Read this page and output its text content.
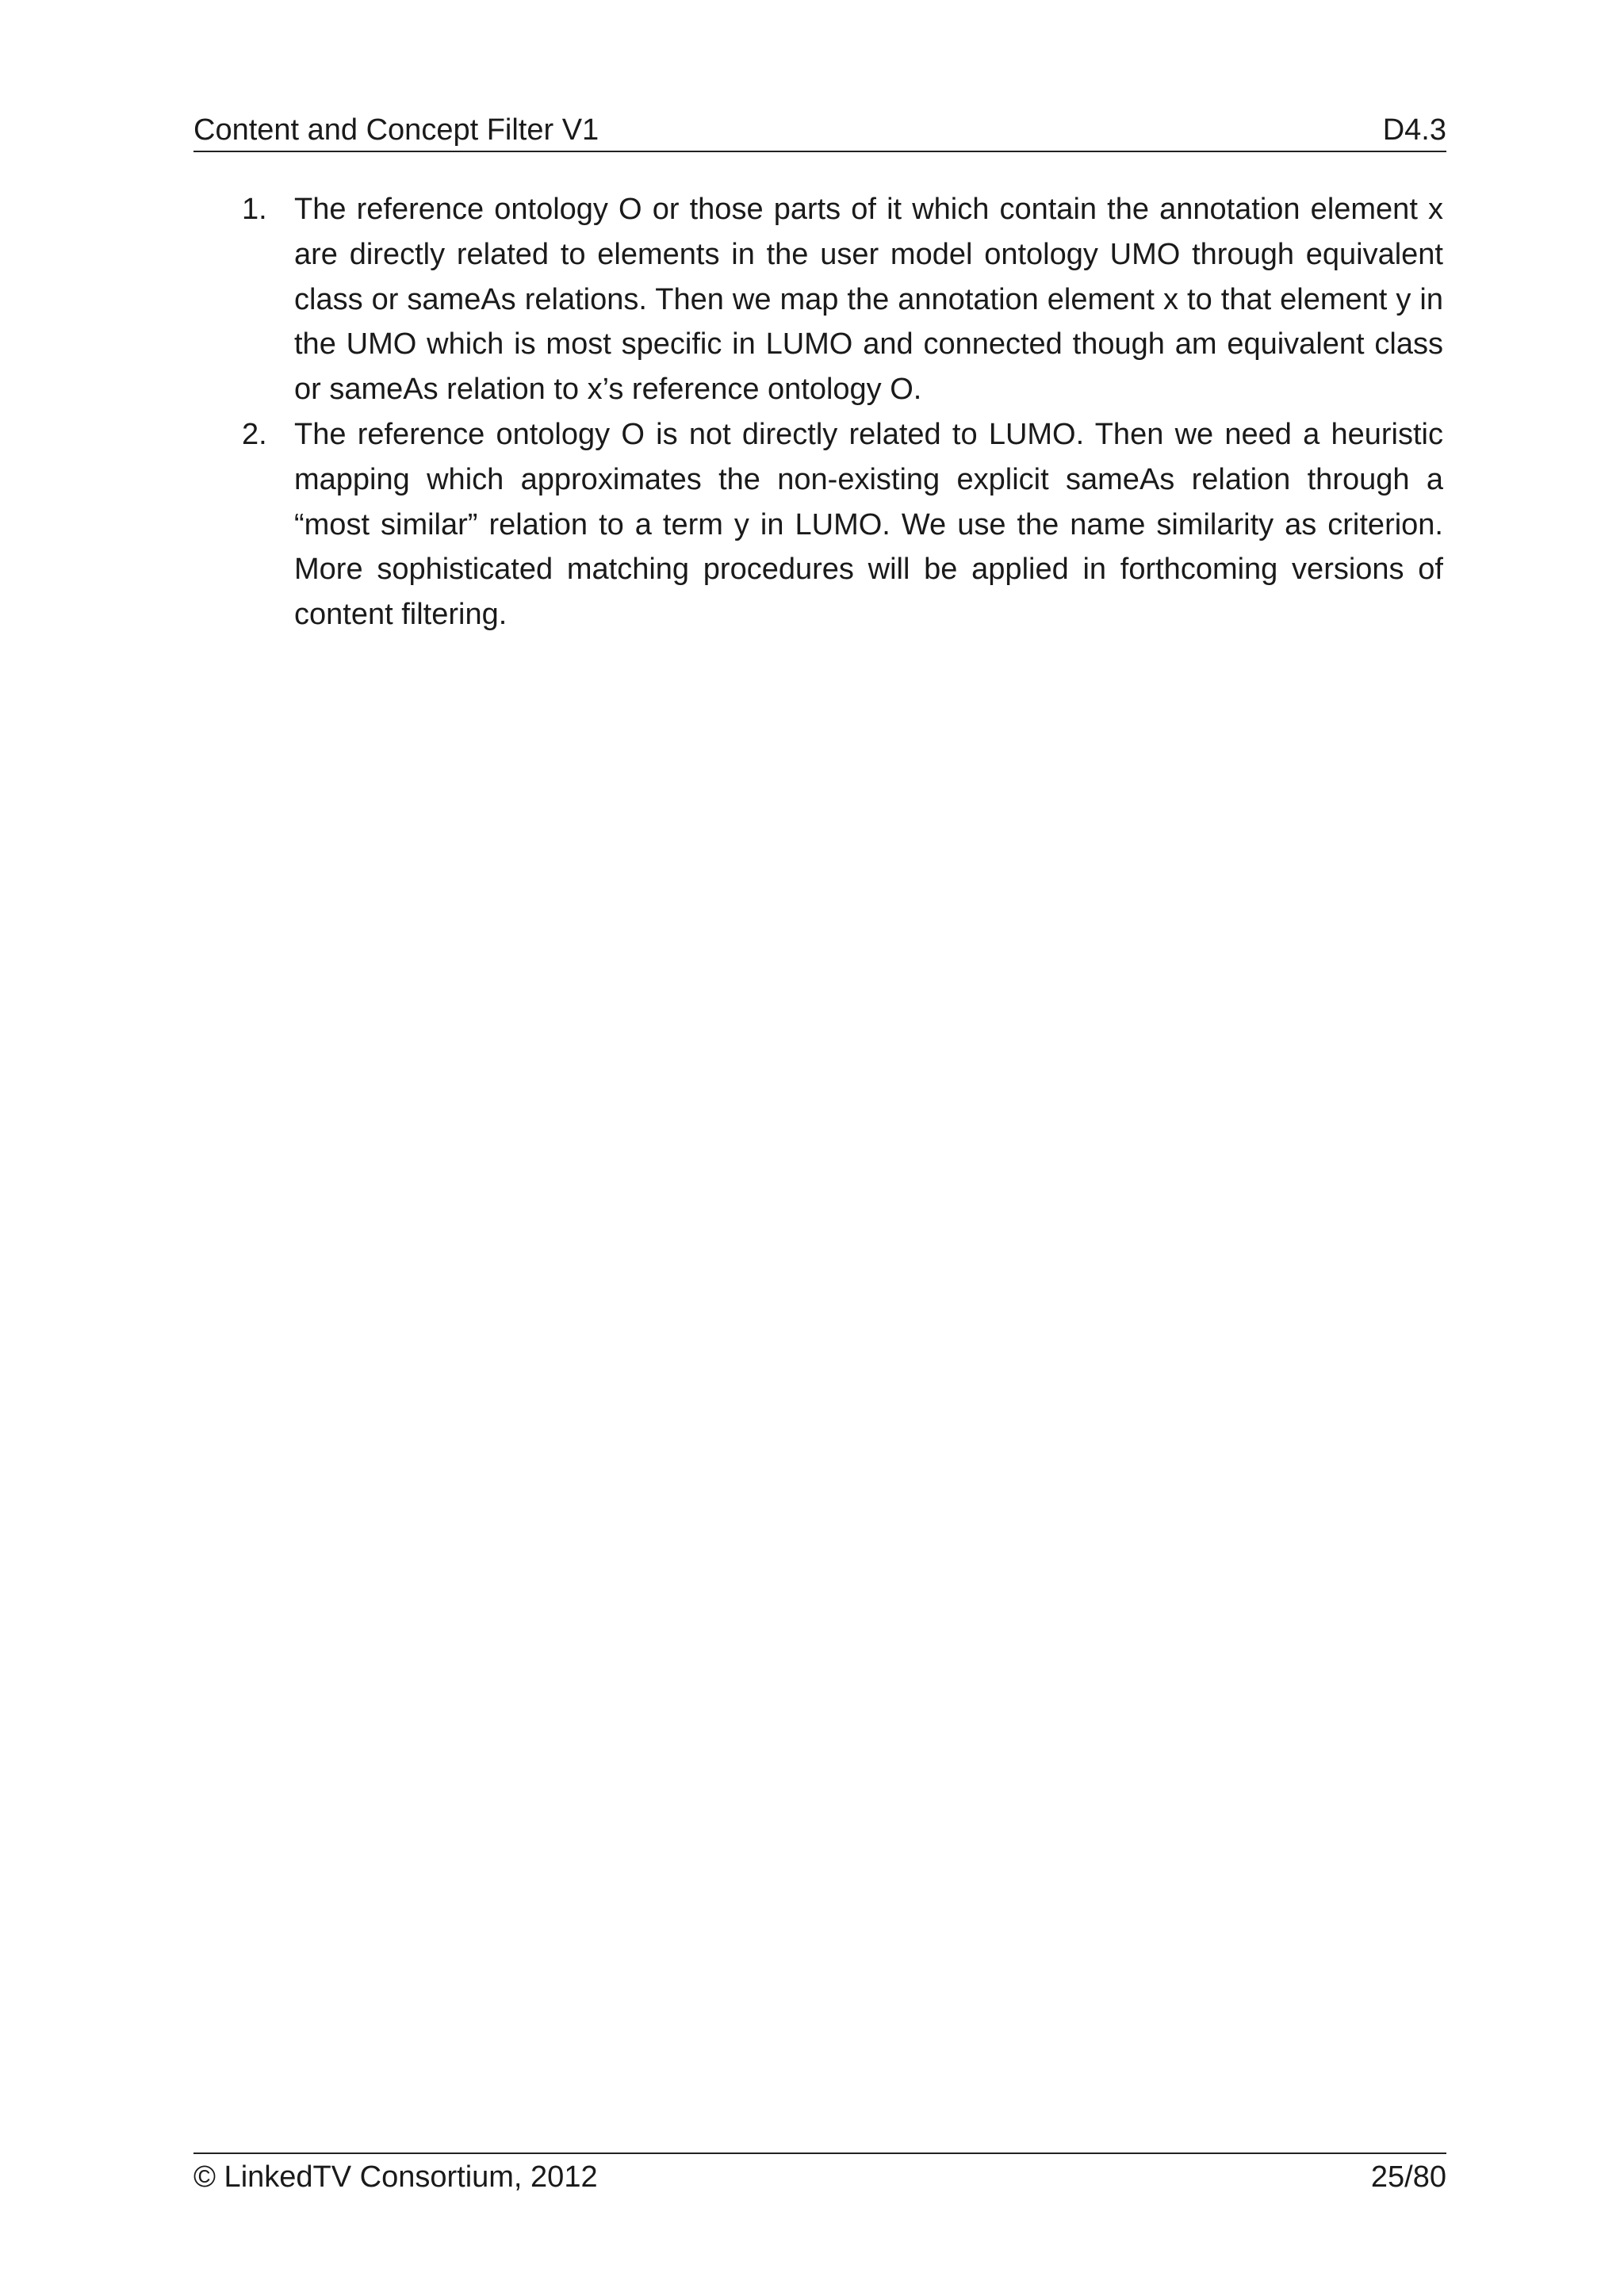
Content and Concept Filter V1	D4.3
1. The reference ontology O or those parts of it which contain the annotation element x are directly related to elements in the user model ontology UMO through equivalent class or sameAs relations. Then we map the annotation element x to that element y in the UMO which is most specific in LUMO and connected though am equivalent class or sameAs relation to x’s reference ontology O.
2. The reference ontology O is not directly related to LUMO. Then we need a heuristic mapping which approximates the non-existing explicit sameAs relation through a “most similar” relation to a term y in LUMO. We use the name similarity as criterion. More sophisticated matching procedures will be applied in forthcoming versions of content filtering.
© LinkedTV Consortium, 2012	25/80
